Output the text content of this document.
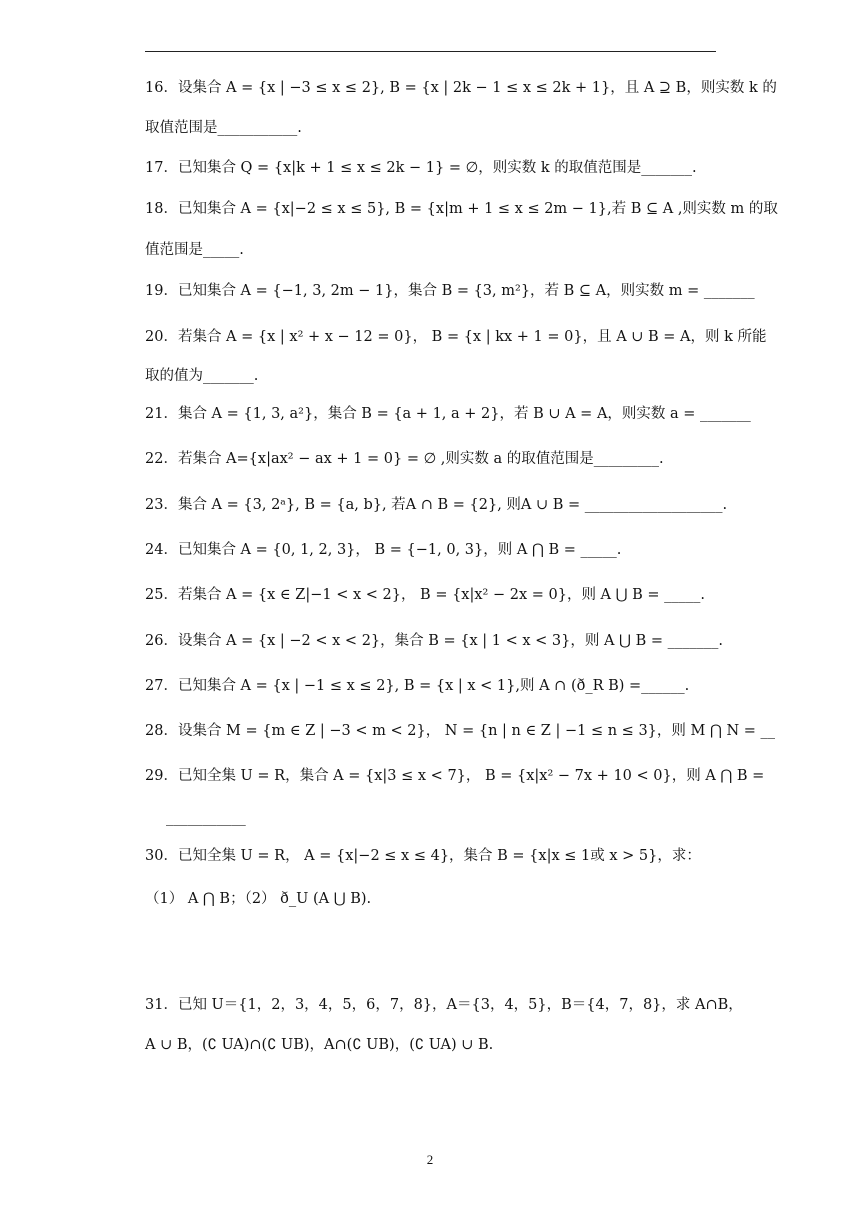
16．设集合 A = {x | −3 ≤ x ≤ 2}, B = {x | 2k − 1 ≤ x ≤ 2k + 1}，且 A ⊇ B，则实数 k 的
取值范围是___________.
17．已知集合 Q = {x|k + 1 ≤ x ≤ 2k − 1} = ∅，则实数 k 的取值范围是_______.
18．已知集合 A = {x|−2 ≤ x ≤ 5}, B = {x|m + 1 ≤ x ≤ 2m − 1},若 B ⊆ A ,则实数 m 的取
值范围是_____.
19．已知集合 A = {−1, 3, 2m − 1}，集合 B = {3, m²}，若 B ⊆ A，则实数 m = _______
20．若集合 A = {x | x² + x − 12 = 0}， B = {x | kx + 1 = 0}，且 A ∪ B = A，则 k 所能
取的值为_______.
21．集合 A = {1, 3, a²}，集合 B = {a + 1, a + 2}，若 B ∪ A = A，则实数 a = _______
22．若集合 A={x|ax² − ax + 1 = 0} = ∅ ,则实数 a 的取值范围是_________.
23．集合 A = {3, 2ᵃ}, B = {a, b}, 若A ∩ B = {2}, 则A ∪ B = ___________________.
24．已知集合 A = {0, 1, 2, 3}， B = {−1, 0, 3}，则 A ⋂ B = _____.
25．若集合 A = {x ∈ Z|−1 < x < 2}， B = {x|x² − 2x = 0}，则 A ⋃ B = _____.
26．设集合 A = {x | −2 < x < 2}，集合 B = {x | 1 < x < 3}，则 A ⋃ B = _______.
27．已知集合 A = {x | −1 ≤ x ≤ 2}, B = {x | x < 1},则 A ∩ (ð_R B) =______.
28．设集合 M = {m ∈ Z | −3 < m < 2}， N = {n | n ∈ Z | −1 ≤ n ≤ 3}，则 M ⋂ N = __
29．已知全集 U = R，集合 A = {x|3 ≤ x < 7}， B = {x|x² − 7x + 10 < 0}，则 A ⋂ B =
___________
30．已知全集 U = R， A = {x|−2 ≤ x ≤ 4}，集合 B = {x|x ≤ 1或 x > 5}，求：
（1） A ⋂ B；（2） ð_U (A ⋃ B).
31．已知 U＝{1，2，3，4，5，6，7，8}，A＝{3，4，5}，B＝{4，7，8}，求 A∩B，
A ∪ B，(∁ UA)∩(∁ UB)，A∩(∁ UB)，(∁ UA) ∪ B.
2
